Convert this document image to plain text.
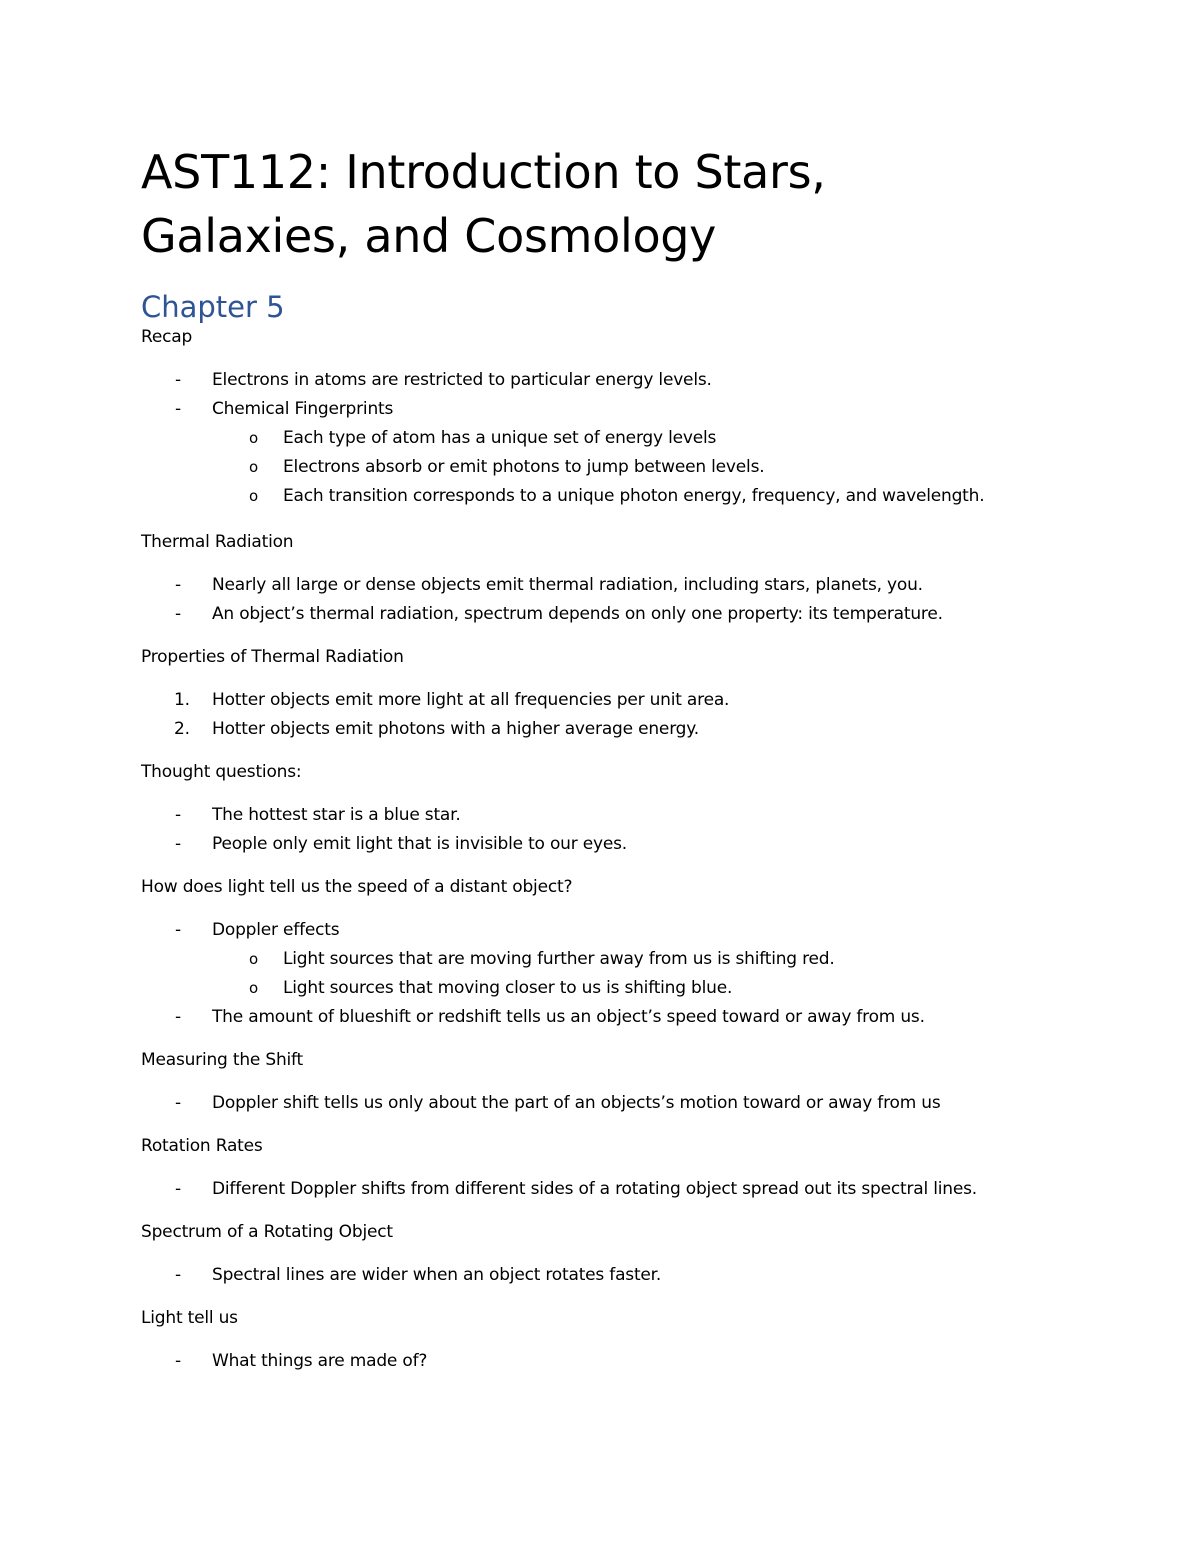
AST112: Introduction to Stars,
Galaxies, and Cosmology
Chapter 5

Recap

- Electrons in atoms are restricted to particular energy levels.
- Chemical Fingerprints
o Each type of atom has a unique set of energy levels
o Electrons absorb or emit photons to jump between levels.
o Each transition corresponds to a unique photon energy, frequency, and wavelength.

Thermal Radiation

- Nearly all large or dense objects emit thermal radiation, including stars, planets, you.
- An object’s thermal radiation, spectrum depends on only one property: its temperature.

Properties of Thermal Radiation

1. Hotter objects emit more light at all frequencies per unit area.
2. Hotter objects emit photons with a higher average energy.

Thought questions:

- The hottest star is a blue star.
- People only emit light that is invisible to our eyes.

How does light tell us the speed of a distant object?

- Doppler effects
o Light sources that are moving further away from us is shifting red.
o Light sources that moving closer to us is shifting blue.
- The amount of blueshift or redshift tells us an object’s speed toward or away from us.

Measuring the Shift

- Doppler shift tells us only about the part of an objects’s motion toward or away from us

Rotation Rates

- Different Doppler shifts from different sides of a rotating object spread out its spectral lines.

Spectrum of a Rotating Object

- Spectral lines are wider when an object rotates faster.

Light tell us

- What things are made of?
